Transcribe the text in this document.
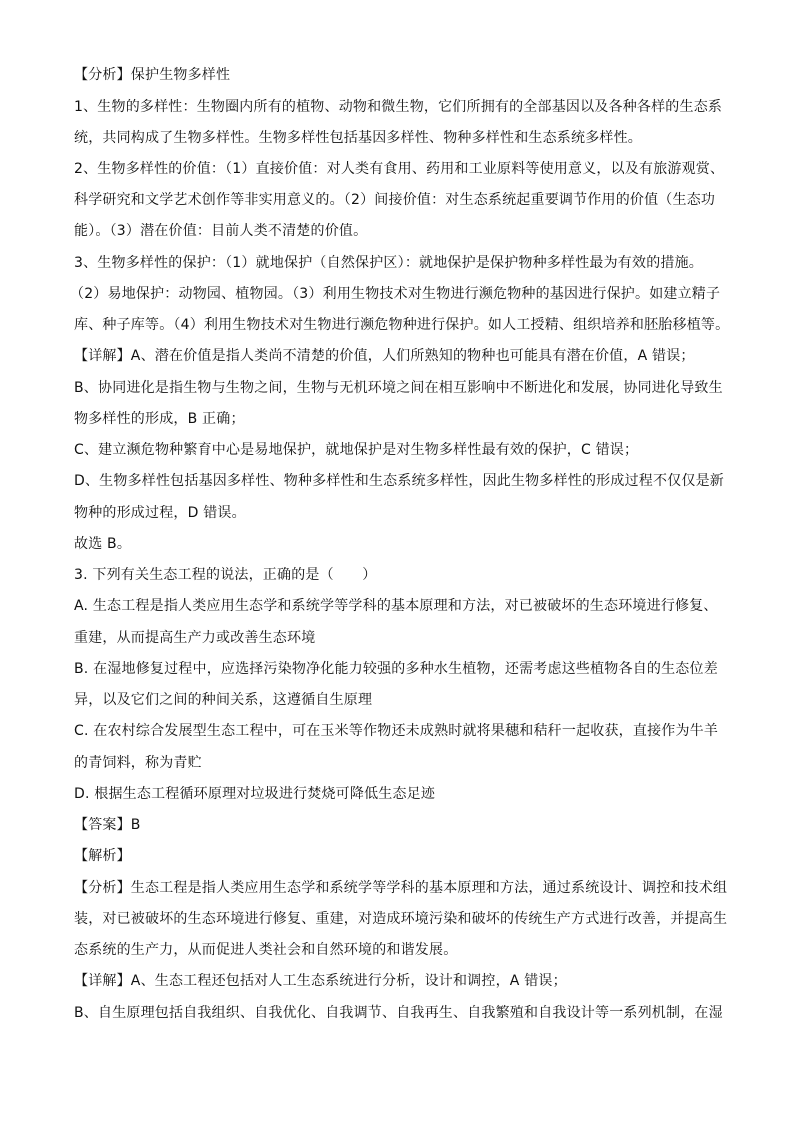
【分析】保护生物多样性
1、生物的多样性：生物圈内所有的植物、动物和微生物，它们所拥有的全部基因以及各种各样的生态系
统，共同构成了生物多样性。生物多样性包括基因多样性、物种多样性和生态系统多样性。
2、生物多样性的价值：（1）直接价值：对人类有食用、药用和工业原料等使用意义，以及有旅游观赏、
科学研究和文学艺术创作等非实用意义的。（2）间接价值：对生态系统起重要调节作用的价值（生态功
能）。（3）潜在价值：目前人类不清楚的价值。
3、生物多样性的保护：（1）就地保护（自然保护区）：就地保护是保护物种多样性最为有效的措施。
（2）易地保护：动物园、植物园。（3）利用生物技术对生物进行濒危物种的基因进行保护。如建立精子
库、种子库等。（4）利用生物技术对生物进行濒危物种进行保护。如人工授精、组织培养和胚胎移植等。
【详解】A、潜在价值是指人类尚不清楚的价值，人们所熟知的物种也可能具有潜在价值，A 错误；
B、协同进化是指生物与生物之间，生物与无机环境之间在相互影响中不断进化和发展，协同进化导致生
物多样性的形成，B 正确；
C、建立濒危物种繁育中心是易地保护，就地保护是对生物多样性最有效的保护，C 错误；
D、生物多样性包括基因多样性、物种多样性和生态系统多样性，因此生物多样性的形成过程不仅仅是新
物种的形成过程，D 错误。
故选 B。
3. 下列有关生态工程的说法，正确的是（　　）
A. 生态工程是指人类应用生态学和系统学等学科的基本原理和方法，对已被破坏的生态环境进行修复、
重建，从而提高生产力或改善生态环境
B. 在湿地修复过程中，应选择污染物净化能力较强的多种水生植物，还需考虑这些植物各自的生态位差
异，以及它们之间的种间关系，这遵循自生原理
C. 在农村综合发展型生态工程中，可在玉米等作物还未成熟时就将果穗和秸秆一起收获，直接作为牛羊
的青饲料，称为青贮
D. 根据生态工程循环原理对垃圾进行焚烧可降低生态足迹
【答案】B
【解析】
【分析】生态工程是指人类应用生态学和系统学等学科的基本原理和方法，通过系统设计、调控和技术组
装，对已被破坏的生态环境进行修复、重建，对造成环境污染和破坏的传统生产方式进行改善，并提高生
态系统的生产力，从而促进人类社会和自然环境的和谐发展。
【详解】A、生态工程还包括对人工生态系统进行分析，设计和调控，A 错误；
B、自生原理包括自我组织、自我优化、自我调节、自我再生、自我繁殖和自我设计等一系列机制，在湿
